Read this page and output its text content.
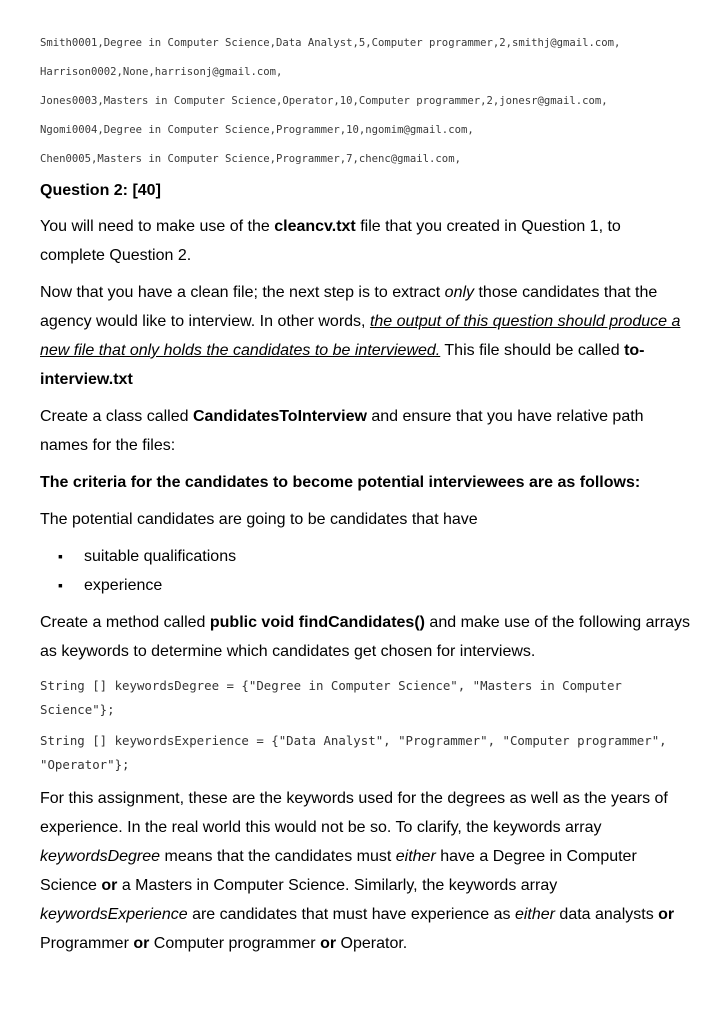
Smith0001,Degree in Computer Science,Data Analyst,5,Computer programmer,2,smithj@gmail.com,

Harrison0002,None,harrisonj@gmail.com,

Jones0003,Masters in Computer Science,Operator,10,Computer programmer,2,jonesr@gmail.com,

Ngomi0004,Degree in Computer Science,Programmer,10,ngomim@gmail.com,

Chen0005,Masters in Computer Science,Programmer,7,chenc@gmail.com,

Question 2: [40]

You will need to make use of the cleancv.txt file that you created in Question 1, to complete Question 2.

Now that you have a clean file; the next step is to extract only those candidates that the agency would like to interview. In other words, the output of this question should produce a new file that only holds the candidates to be interviewed. This file should be called to-interview.txt

Create a class called CandidatesToInterview and ensure that you have relative path names for the files:

The criteria for the candidates to become potential interviewees are as follows:

The potential candidates are going to be candidates that have

▪ suitable qualifications
▪ experience

Create a method called public void findCandidates() and make use of the following arrays as keywords to determine which candidates get chosen for interviews.

String [] keywordsDegree = {"Degree in Computer Science", "Masters in Computer Science"};

String [] keywordsExperience = {"Data Analyst", "Programmer", "Computer programmer", "Operator"};

For this assignment, these are the keywords used for the degrees as well as the years of experience. In the real world this would not be so. To clarify, the keywords array keywordsDegree means that the candidates must either have a Degree in Computer Science or a Masters in Computer Science. Similarly, the keywords array keywordsExperience are candidates that must have experience as either data analysts or Programmer or Computer programmer or Operator.
